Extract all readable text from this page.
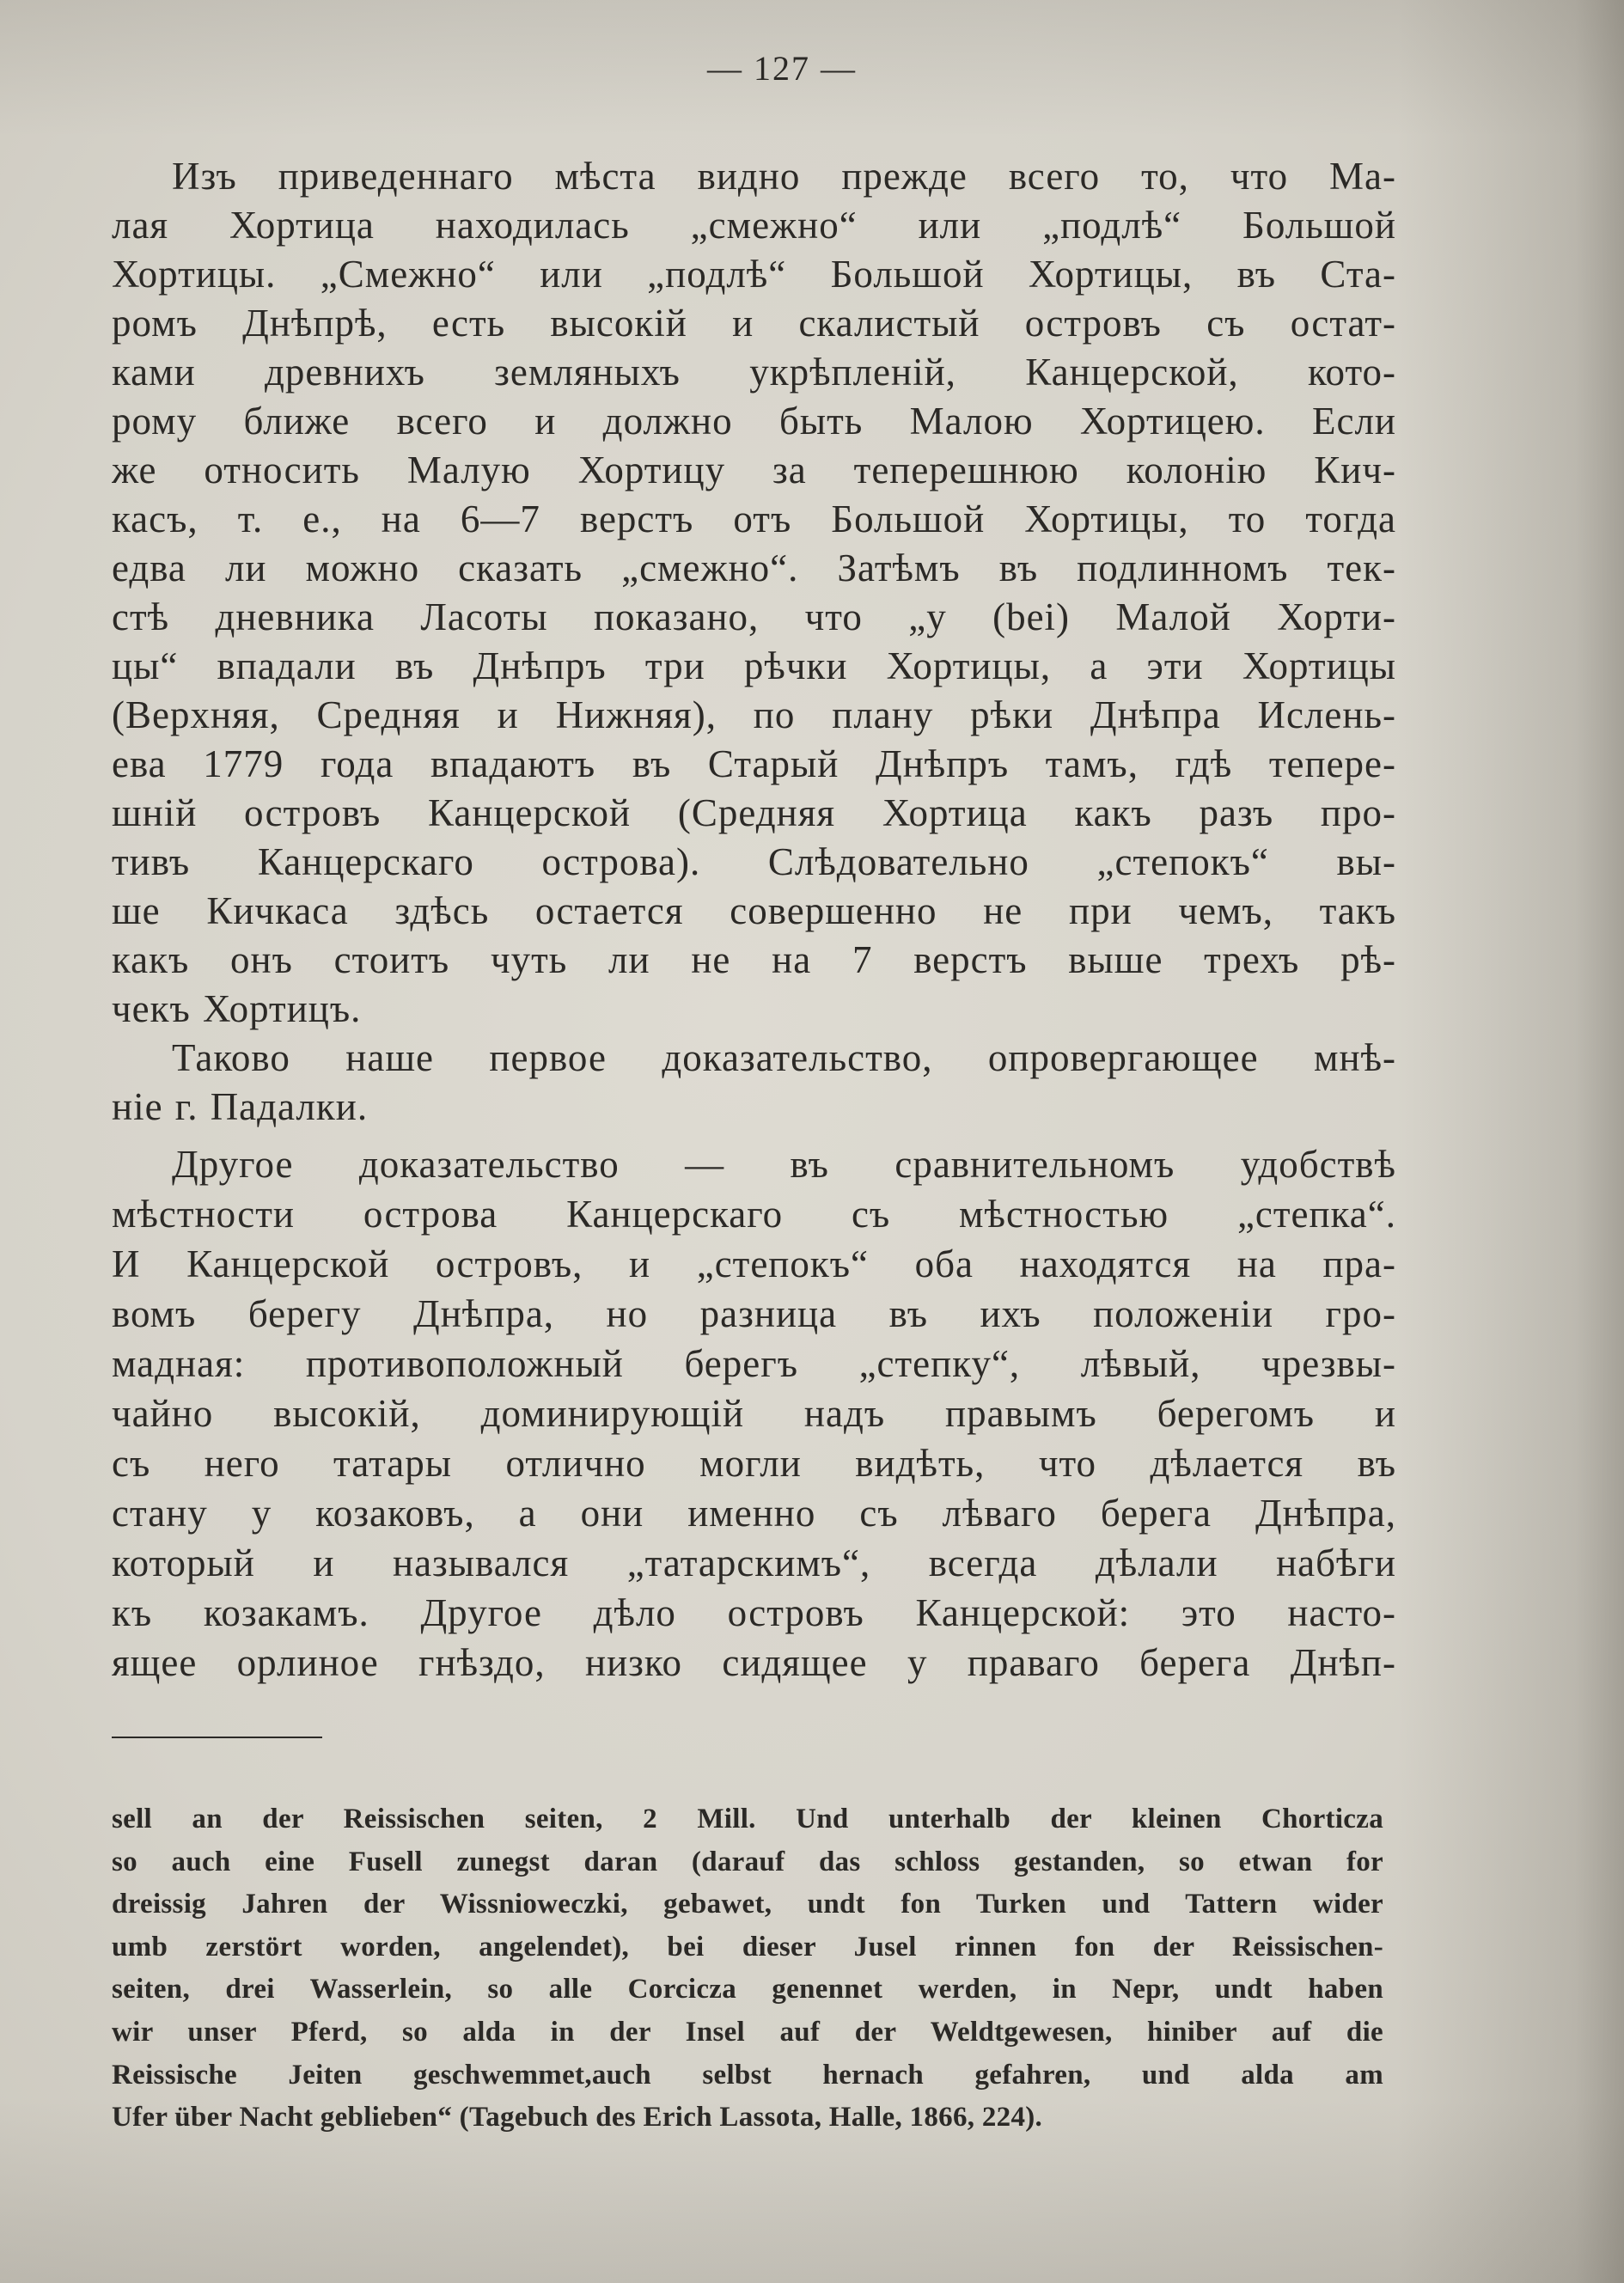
— 127 —
Изъ приведеннаго мѣста видно прежде всего то, что Ма-
лая Хортица находилась „смежно“ или „подлѣ“ Большой
Хортицы. „Смежно“ или „подлѣ“ Большой Хортицы, въ Ста-
ромъ Днѣпрѣ, есть высокій и скалистый островъ съ остат-
ками древнихъ земляныхъ укрѣпленій, Канцерской, кото-
рому ближе всего и должно быть Малою Хортицею. Если
же относить Малую Хортицу за теперешнюю колонію Кич-
касъ, т. е., на 6—7 верстъ отъ Большой Хортицы, то тогда
едва ли можно сказать „смежно“. Затѣмъ въ подлинномъ тек-
стѣ дневника Ласоты показано, что „у (bei) Малой Хорти-
цы“ впадали въ Днѣпръ три рѣчки Хортицы, а эти Хортицы
(Верхняя, Средняя и Нижняя), по плану рѣки Днѣпра Ислень-
ева 1779 года впадаютъ въ Старый Днѣпръ тамъ, гдѣ тепере-
шній островъ Канцерской (Средняя Хортица какъ разъ про-
тивъ Канцерскаго острова). Слѣдовательно „степокъ“ вы-
ше Кичкаса здѣсь остается совершенно не при чемъ, такъ
какъ онъ стоитъ чуть ли не на 7 верстъ выше трехъ рѣ-
чекъ Хортицъ.
Таково наше первое доказательство, опровергающее мнѣ-
ніе г. Падалки.
Другое доказательство — въ сравнительномъ удобствѣ
мѣстности острова Канцерскаго съ мѣстностью „степка“.
И Канцерской островъ, и „степокъ“ оба находятся на пра-
вомъ берегу Днѣпра, но разница въ ихъ положеніи гро-
мадная: противоположный берегъ „степку“, лѣвый, чрезвы-
чайно высокій, доминирующій надъ правымъ берегомъ и
съ него татары отлично могли видѣть, что дѣлается въ
стану у козаковъ, а они именно съ лѣваго берега Днѣпра,
который и назывался „татарскимъ“, всегда дѣлали набѣги
къ козакамъ. Другое дѣло островъ Канцерской: это насто-
ящее орлиное гнѣздо, низко сидящее у праваго берега Днѣп-
sell an der Reissischen seiten, 2 Mill. Und unterhalb der kleinen Chorticza
so auch eine Fusell zunegst daran (darauf das schloss gestanden, so etwan for
dreissig Jahren der Wissnioweczki, gebawet, undt fon Turken und Tattern wider
umb zerstört worden, angelendet), bei dieser Jusel rinnen fon der Reissischen-
seiten, drei Wasserlein, so alle Corcicza genennet werden, in Nepr, undt haben
wir unser Pferd, so alda in der Insel auf der Weldtgewesen, hiniber auf die
Reissische Jeiten geschwemmet,auch selbst hernach gefahren, und alda am
Ufer über Nacht geblieben“ (Tagebuch des Erich Lassota, Halle, 1866, 224).
